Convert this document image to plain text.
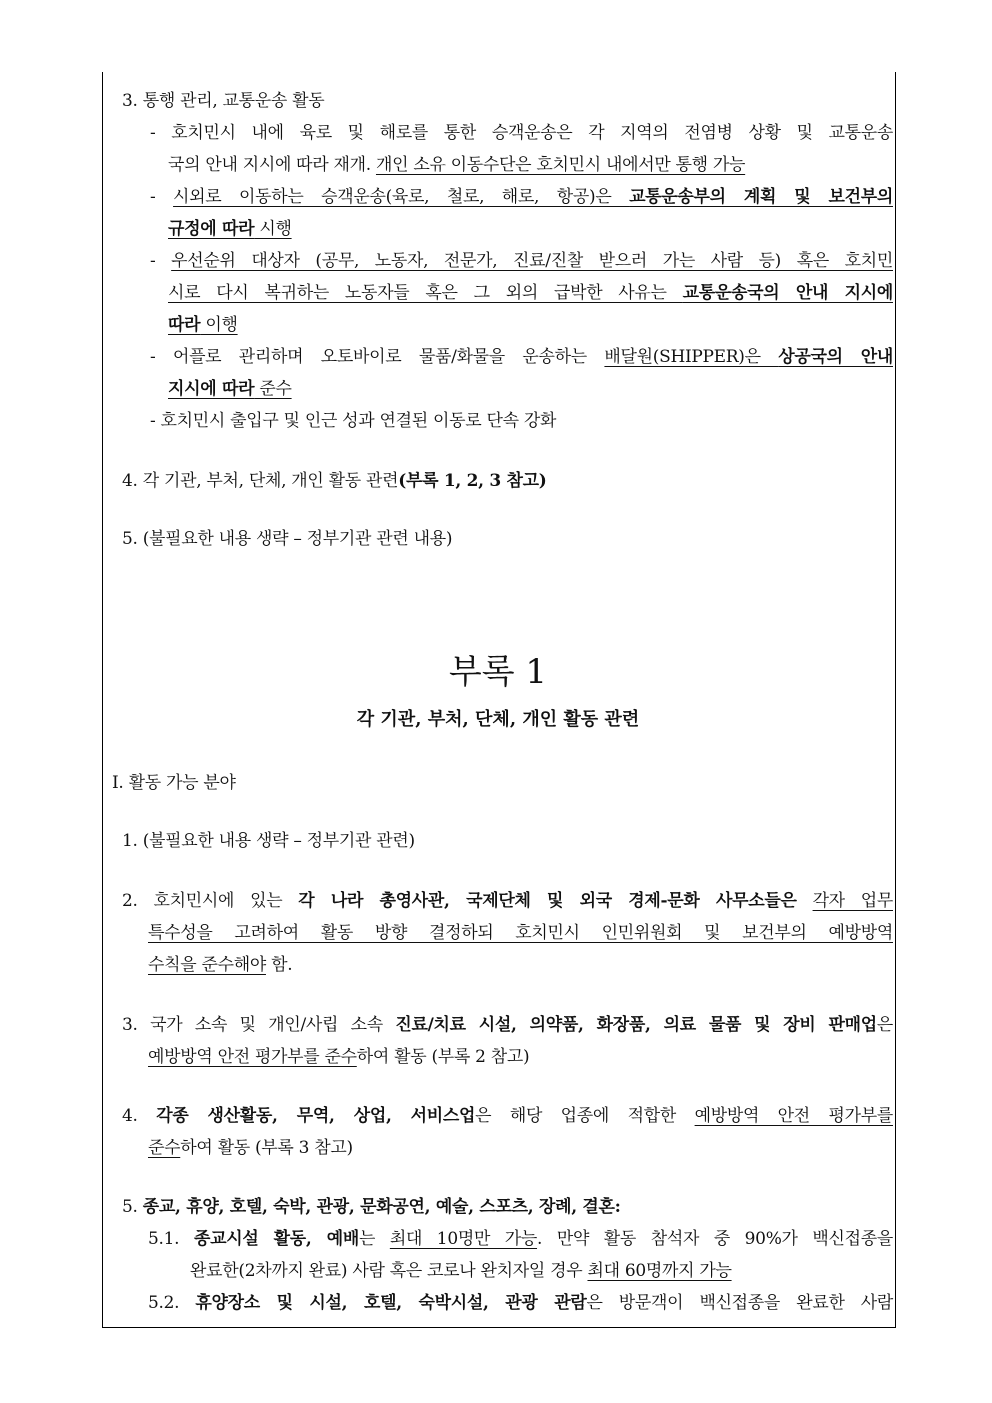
3. 통행 관리, 교통운송 활동
- 호치민시 내에 육로 및 해로를 통한 승객운송은 각 지역의 전염병 상황 및 교통운송
국의 안내 지시에 따라 재개. 개인 소유 이동수단은 호치민시 내에서만 통행 가능
- 시외로 이동하는 승객운송(육로, 철로, 해로, 항공)은 교통운송부의 계획 및 보건부의
규정에 따라 시행
- 우선순위 대상자 (공무, 노동자, 전문가, 진료/진찰 받으러 가는 사람 등) 혹은 호치민
시로 다시 복귀하는 노동자들 혹은 그 외의 급박한 사유는 교통운송국의 안내 지시에
따라 이행
- 어플로 관리하며 오토바이로 물품/화물을 운송하는 배달원(SHIPPER)은 상공국의 안내
지시에 따라 준수
- 호치민시 출입구 및 인근 성과 연결된 이동로 단속 강화
4. 각 기관, 부처, 단체, 개인 활동 관련(부록 1, 2, 3 참고)
5. (불필요한 내용 생략 – 정부기관 관련 내용)
부록 1
각 기관, 부처, 단체, 개인 활동 관련
I. 활동 가능 분야
1. (불필요한 내용 생략 – 정부기관 관련)
2. 호치민시에 있는 각 나라 총영사관, 국제단체 및 외국 경제-문화 사무소들은 각자 업무
특수성을 고려하여 활동 방향 결정하되 호치민시 인민위원회 및 보건부의 예방방역
수칙을 준수해야 함.
3. 국가 소속 및 개인/사립 소속 진료/치료 시설, 의약품, 화장품, 의료 물품 및 장비 판매업은
예방방역 안전 평가부를 준수하여 활동 (부록 2 참고)
4. 각종 생산활동, 무역, 상업, 서비스업은 해당 업종에 적합한 예방방역 안전 평가부를
준수하여 활동 (부록 3 참고)
5. 종교, 휴양, 호텔, 숙박, 관광, 문화공연, 예술, 스포츠, 장례, 결혼:
5.1. 종교시설 활동, 예배는 최대 10명만 가능. 만약 활동 참석자 중 90%가 백신접종을
완료한(2차까지 완료) 사람 혹은 코로나 완치자일 경우 최대 60명까지 가능
5.2. 휴양장소 및 시설, 호텔, 숙박시설, 관광 관람은 방문객이 백신접종을 완료한 사람
